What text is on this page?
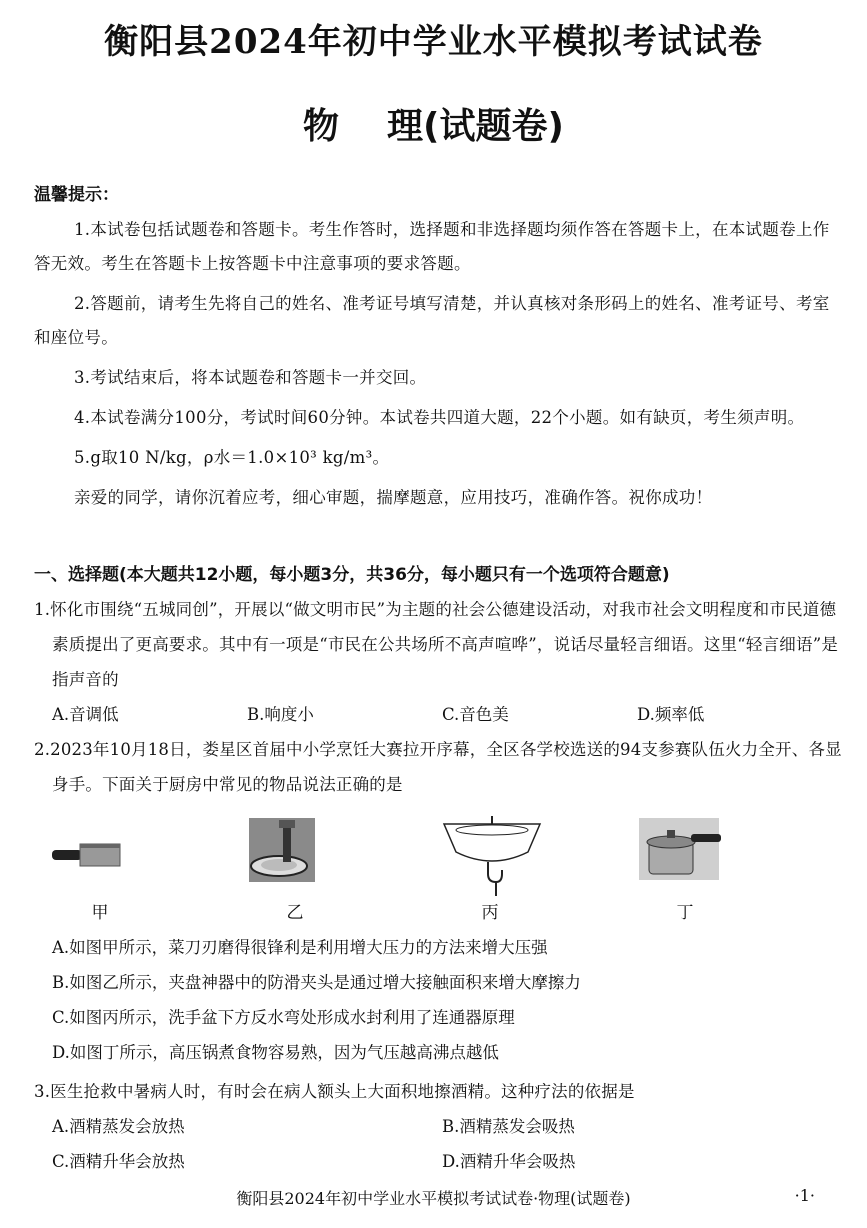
衡阳县2024年初中学业水平模拟考试试卷
物 理(试题卷)
温馨提示：

1.本试卷包括试题卷和答题卡。考生作答时，选择题和非选择题均须作答在答题卡上，在本试题卷上作答无效。考生在答题卡上按答题卡中注意事项的要求答题。

2.答题前，请考生先将自己的姓名、准考证号填写清楚，并认真核对条形码上的姓名、准考证号、考室和座位号。

3.考试结束后，将本试题卷和答题卡一并交回。

4.本试卷满分100分，考试时间60分钟。本试卷共四道大题，22个小题。如有缺页，考生须声明。

5.g取10 N/kg，ρ水＝1.0×10³ kg/m³。

亲爱的同学，请你沉着应考，细心审题，揣摩题意，应用技巧，准确作答。祝你成功！

一、选择题(本大题共12小题，每小题3分，共36分，每小题只有一个选项符合题意)
1.怀化市围绕“五城同创”，开展以“做文明市民”为主题的社会公德建设活动，对我市社会文明程度和市民道德素质提出了更高要求。其中有一项是“市民在公共场所不高声喧哗”，说话尽量轻言细语。这里“轻言细语”是指声音的
A.音调低	B.响度小	C.音色美	D.频率低
2.2023年10月18日，娄星区首届中小学烹饪大赛拉开序幕，全区各学校选送的94支参赛队伍火力全开、各显身手。下面关于厨房中常见的物品说法正确的是
甲	乙	丙	丁
A.如图甲所示，菜刀刃磨得很锋利是利用增大压力的方法来增大压强
B.如图乙所示，夹盘神器中的防滑夹头是通过增大接触面积来增大摩擦力
C.如图丙所示，洗手盆下方反水弯处形成水封利用了连通器原理
D.如图丁所示，高压锅煮食物容易熟，因为气压越高沸点越低
3.医生抢救中暑病人时，有时会在病人额头上大面积地擦酒精。这种疗法的依据是
A.酒精蒸发会放热	B.酒精蒸发会吸热
C.酒精升华会放热	D.酒精升华会吸热
衡阳县2024年初中学业水平模拟考试试卷·物理(试题卷)	·1·
